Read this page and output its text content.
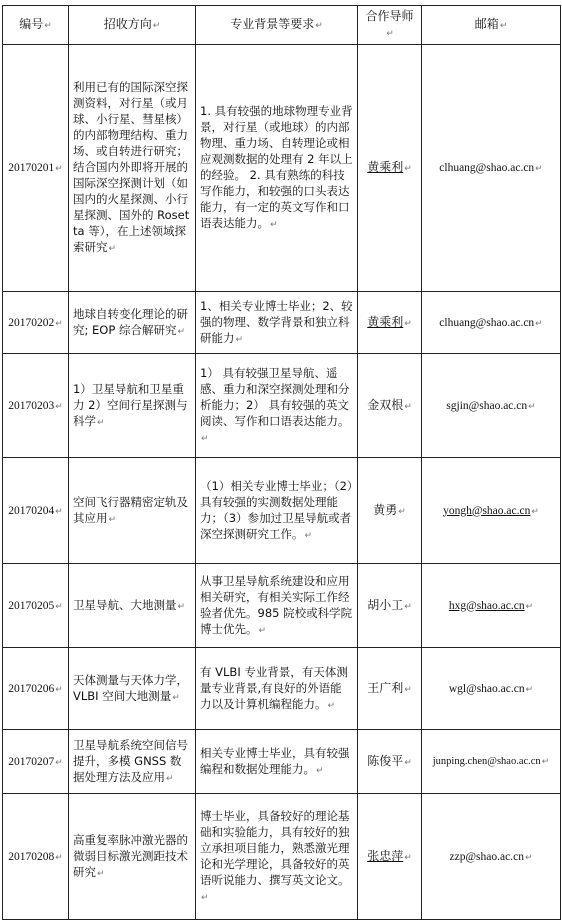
编号↵	招收方向↵	专业背景等要求↵	合作导师↵	邮箱↵
20170201↵	利用已有的国际深空探测资料，对行星（或月球、小行星、彗星核）的内部物理结构、重力场、或自转进行研究；结合国内外即将开展的国际深空探测计划（如国内的火星探测、小行星探测、国外的 Rosetta 等），在上述领域探索研究↵	1. 具有较强的地球物理专业背景，对行星（或地球）的内部物理、重力场、自转理论或相应观测数据的处理有 2 年以上的经验。 2. 具有熟练的科技写作能力，和较强的口头表达能力，有一定的英文写作和口语表达能力。↵	黄乘利↵	clhuang@shao.ac.cn↵
20170202↵	地球自转变化理论的研究; EOP 综合解研究↵	1、相关专业博士毕业；2、较强的物理、数学背景和独立科研能力↵	黄乘利↵	clhuang@shao.ac.cn↵
20170203↵	1）卫星导航和卫星重力 2）空间行星探测与科学↵	1） 具有较强卫星导航、遥感、重力和深空探测处理和分析能力；2） 具有较强的英文阅读、写作和口语表达能力。↵	金双根↵	sgjin@shao.ac.cn↵
20170204↵	空间飞行器精密定轨及其应用↵	（1）相关专业博士毕业；（2）具有较强的实测数据处理能力；（3）参加过卫星导航或者深空探测研究工作。↵	黄勇↵	yongh@shao.ac.cn↵
20170205↵	卫星导航、大地测量↵	从事卫星导航系统建设和应用相关研究，有相关实际工作经验者优先。985 院校或科学院博士优先。↵	胡小工↵	hxg@shao.ac.cn↵
20170206↵	天体测量与天体力学， VLBI 空间大地测量↵	有 VLBI 专业背景，有天体测量专业背景,有良好的外语能力以及计算机编程能力。↵	王广利↵	wgl@shao.ac.cn↵
20170207↵	卫星导航系统空间信号提升，多模 GNSS 数据处理方法及应用↵	相关专业博士毕业，具有较强编程和数据处理能力。↵	陈俊平↵	junping.chen@shao.ac.cn↵
20170208↵	高重复率脉冲激光器的微弱目标激光测距技术研究↵	博士毕业，具备较好的理论基础和实验能力，具有较好的独立承担项目能力，熟悉激光理论和光学理论，具备较好的英语听说能力、撰写英文论文。↵	张忠萍↵	zzp@shao.ac.cn↵
